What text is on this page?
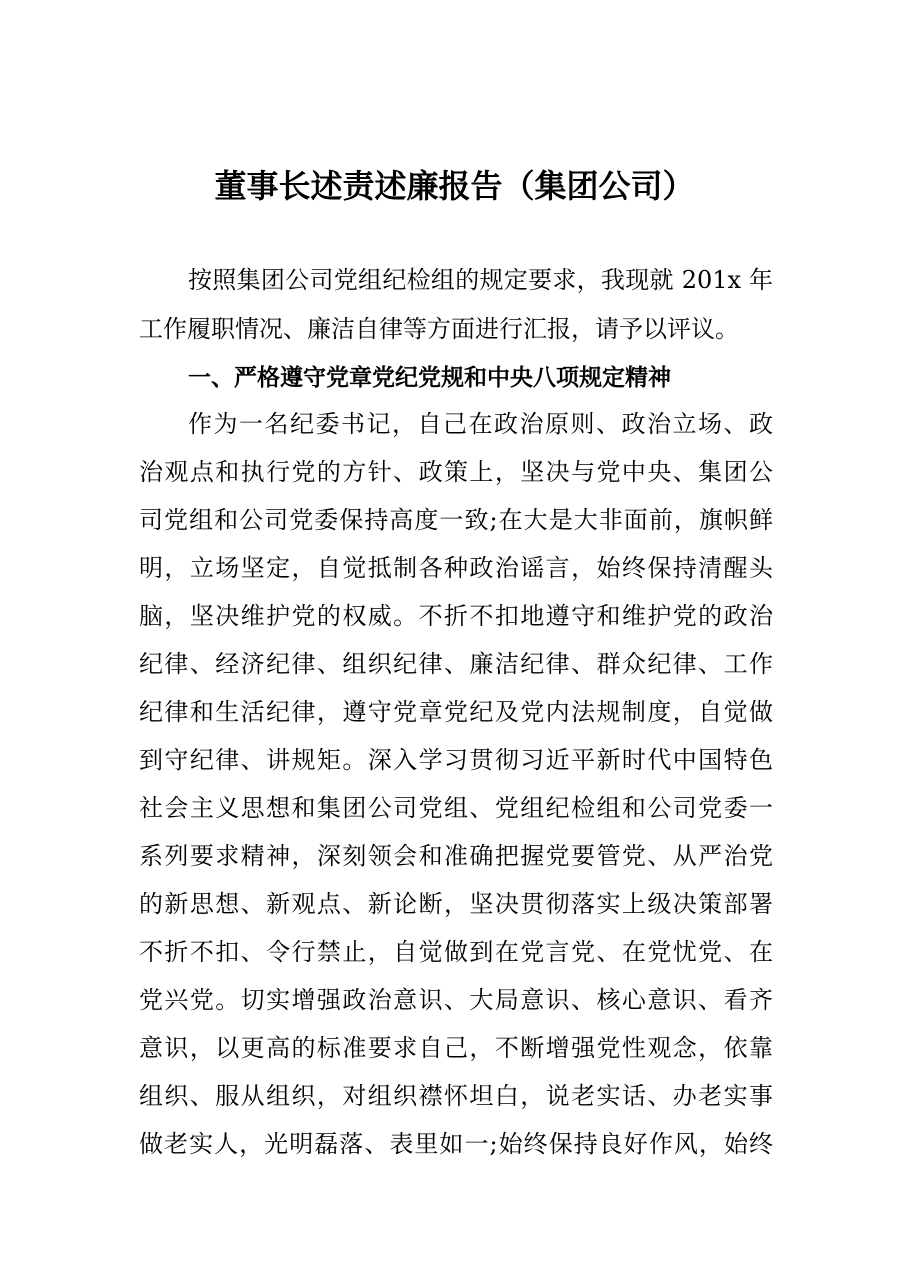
董事长述责述廉报告（集团公司）
按照集团公司党组纪检组的规定要求，我现就 201x 年
工作履职情况、廉洁自律等方面进行汇报，请予以评议。
一、严格遵守党章党纪党规和中央八项规定精神
作为一名纪委书记，自己在政治原则、政治立场、政
治观点和执行党的方针、政策上，坚决与党中央、集团公
司党组和公司党委保持高度一致;在大是大非面前，旗帜鲜
明，立场坚定，自觉抵制各种政治谣言，始终保持清醒头
脑，坚决维护党的权威。不折不扣地遵守和维护党的政治
纪律、经济纪律、组织纪律、廉洁纪律、群众纪律、工作
纪律和生活纪律，遵守党章党纪及党内法规制度，自觉做
到守纪律、讲规矩。深入学习贯彻习近平新时代中国特色
社会主义思想和集团公司党组、党组纪检组和公司党委一
系列要求精神，深刻领会和准确把握党要管党、从严治党
的新思想、新观点、新论断，坚决贯彻落实上级决策部署
不折不扣、令行禁止，自觉做到在党言党、在党忧党、在
党兴党。切实增强政治意识、大局意识、核心意识、看齐
意识，以更高的标准要求自己，不断增强党性观念，依靠
组织、服从组织，对组织襟怀坦白，说老实话、办老实事
做老实人，光明磊落、表里如一;始终保持良好作风，始终
